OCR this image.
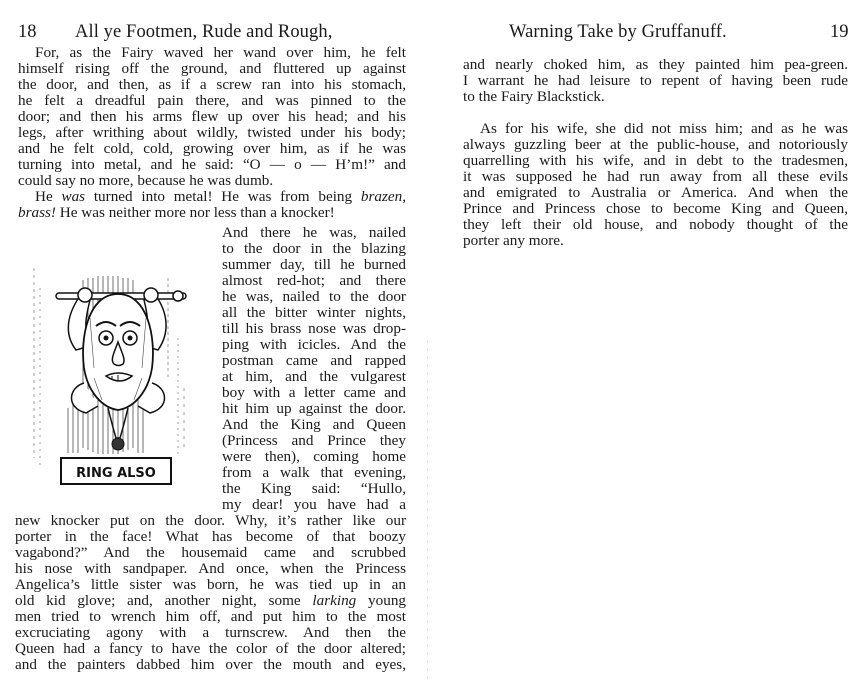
18 All ye Footmen, Rude and Rough,
For, as the Fairy waved her wand over him, he felt
himself rising off the ground, and fluttered up against
the door, and then, as if a screw ran into his stomach,
he felt a dreadful pain there, and was pinned to the
door; and then his arms flew up over his head; and his
legs, after writhing about wildly, twisted under his body;
and he felt cold, cold, growing over him, as if he was
turning into metal, and he said: “O — o — H’m!” and
could say no more, because he was dumb.
He was turned into metal! He was from being brazen,
brass! He was neither more nor less than a knocker!
And there he was, nailed
to the door in the blazing
summer day, till he burned
almost red-hot; and there
he was, nailed to the door
all the bitter winter nights,
till his brass nose was drop-
ping with icicles. And the
postman came and rapped
at him, and the vulgarest
boy with a letter came and
hit him up against the door.
And the King and Queen
(Princess and Prince they
were then), coming home
from a walk that evening,
the King said: “Hullo,
my dear! you have had a
new knocker put on the door. Why, it’s rather like our
porter in the face! What has become of that boozy
vagabond?” And the housemaid came and scrubbed
his nose with sandpaper. And once, when the Princess
Angelica’s little sister was born, he was tied up in an
old kid glove; and, another night, some larking young
men tried to wrench him off, and put him to the most
excruciating agony with a turnscrew. And then the
Queen had a fancy to have the color of the door altered;
and the painters dabbed him over the mouth and eyes,
RING ALSO
Warning Take by Gruffanuff.	19
and nearly choked him, as they painted him pea-green.
I warrant he had leisure to repent of having been rude
to the Fairy Blackstick.
As for his wife, she did not miss him; and as he was
always guzzling beer at the public-house, and notoriously
quarrelling with his wife, and in debt to the tradesmen,
it was supposed he had run away from all these evils
and emigrated to Australia or America. And when the
Prince and Princess chose to become King and Queen,
they left their old house, and nobody thought of the
porter any more.
